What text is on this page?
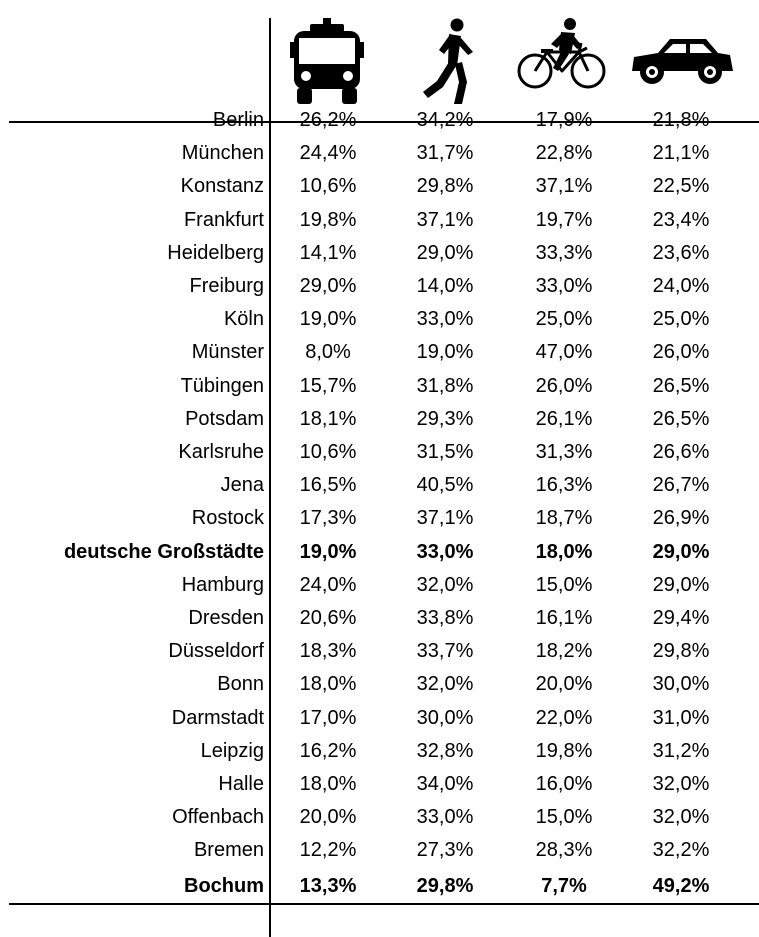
Berlin	26,2%	34,2%	17,9%	21,8%
München	24,4%	31,7%	22,8%	21,1%
Konstanz	10,6%	29,8%	37,1%	22,5%
Frankfurt	19,8%	37,1%	19,7%	23,4%
Heidelberg	14,1%	29,0%	33,3%	23,6%
Freiburg	29,0%	14,0%	33,0%	24,0%
Köln	19,0%	33,0%	25,0%	25,0%
Münster	8,0%	19,0%	47,0%	26,0%
Tübingen	15,7%	31,8%	26,0%	26,5%
Potsdam	18,1%	29,3%	26,1%	26,5%
Karlsruhe	10,6%	31,5%	31,3%	26,6%
Jena	16,5%	40,5%	16,3%	26,7%
Rostock	17,3%	37,1%	18,7%	26,9%
deutsche Großstädte	19,0%	33,0%	18,0%	29,0%
Hamburg	24,0%	32,0%	15,0%	29,0%
Dresden	20,6%	33,8%	16,1%	29,4%
Düsseldorf	18,3%	33,7%	18,2%	29,8%
Bonn	18,0%	32,0%	20,0%	30,0%
Darmstadt	17,0%	30,0%	22,0%	31,0%
Leipzig	16,2%	32,8%	19,8%	31,2%
Halle	18,0%	34,0%	16,0%	32,0%
Offenbach	20,0%	33,0%	15,0%	32,0%
Bremen	12,2%	27,3%	28,3%	32,2%
Bochum	13,3%	29,8%	7,7%	49,2%
